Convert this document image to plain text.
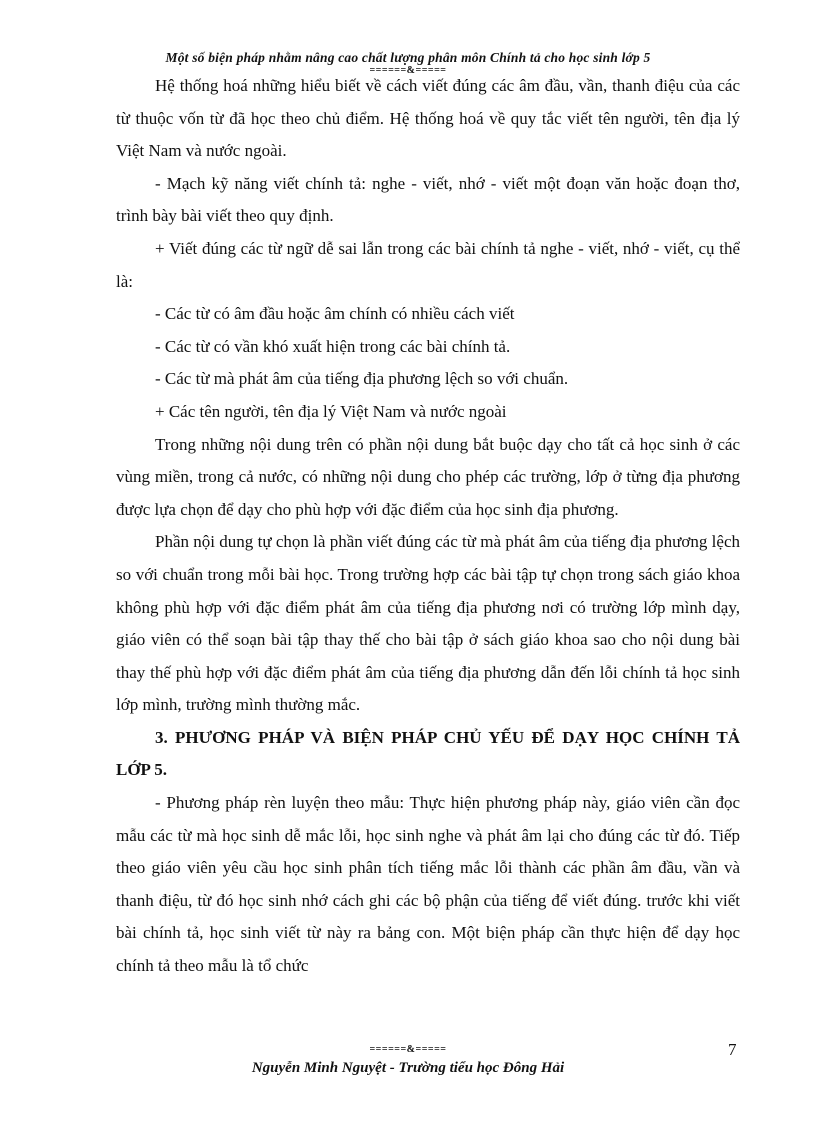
Một số biện pháp nhằm nâng cao chất lượng phân môn Chính tả cho học sinh lớp 5
======&=====

Hệ thống hoá những hiểu biết về cách viết đúng các âm đầu, vần, thanh điệu của các từ thuộc vốn từ đã học theo chủ điểm. Hệ thống hoá về quy tắc viết tên người, tên địa lý Việt Nam và nước ngoài.

- Mạch kỹ năng viết chính tả: nghe - viết, nhớ - viết một đoạn văn hoặc đoạn thơ, trình bày bài viết theo quy định.

+ Viết đúng các từ ngữ dễ sai lẫn trong các bài chính tả nghe - viết, nhớ - viết, cụ thể là:

- Các từ có âm đầu hoặc âm chính có nhiều cách viết

- Các từ có vần khó xuất hiện trong các bài chính tả.

- Các từ mà phát âm của tiếng địa phương lệch so với chuẩn.

+ Các tên người, tên địa lý Việt Nam và nước ngoài

Trong những nội dung trên có phần nội dung bắt buộc dạy cho tất cả học sinh ở các vùng miền, trong cả nước, có những nội dung cho phép các trường, lớp ở từng địa phương được lựa chọn để dạy cho phù hợp với đặc điểm của học sinh địa phương.

Phần nội dung tự chọn là phần viết đúng các từ mà phát âm của tiếng địa phương lệch so với chuẩn trong mỗi bài học. Trong trường hợp các bài tập tự chọn trong sách giáo khoa không phù hợp với đặc điểm phát âm của tiếng địa phương nơi có trường lớp mình dạy, giáo viên có thể soạn bài tập thay thế cho bài tập ở sách giáo khoa sao cho nội dung bài thay thế phù hợp với đặc điểm phát âm của tiếng địa phương dẫn đến lỗi chính tả học sinh lớp mình, trường mình thường mắc.

3. PHƯƠNG PHÁP VÀ BIỆN PHÁP CHỦ YẾU ĐỂ DẠY HỌC CHÍNH TẢ LỚP 5.

- Phương pháp rèn luyện theo mẫu: Thực hiện phương pháp này, giáo viên cần đọc mẫu các từ mà học sinh dễ mắc lỗi, học sinh nghe và phát âm lại cho đúng các từ đó. Tiếp theo giáo viên yêu cầu học sinh phân tích tiếng mắc lỗi thành các phần âm đầu, vần và thanh điệu, từ đó học sinh nhớ cách ghi các bộ phận của tiếng để viết đúng. trước khi viết bài chính tả, học sinh viết từ này ra bảng con. Một biện pháp cần thực hiện để dạy học chính tả theo mẫu là tổ chức

======&=====	7
Nguyễn Minh Nguyệt - Trường tiểu học Đông Hải
